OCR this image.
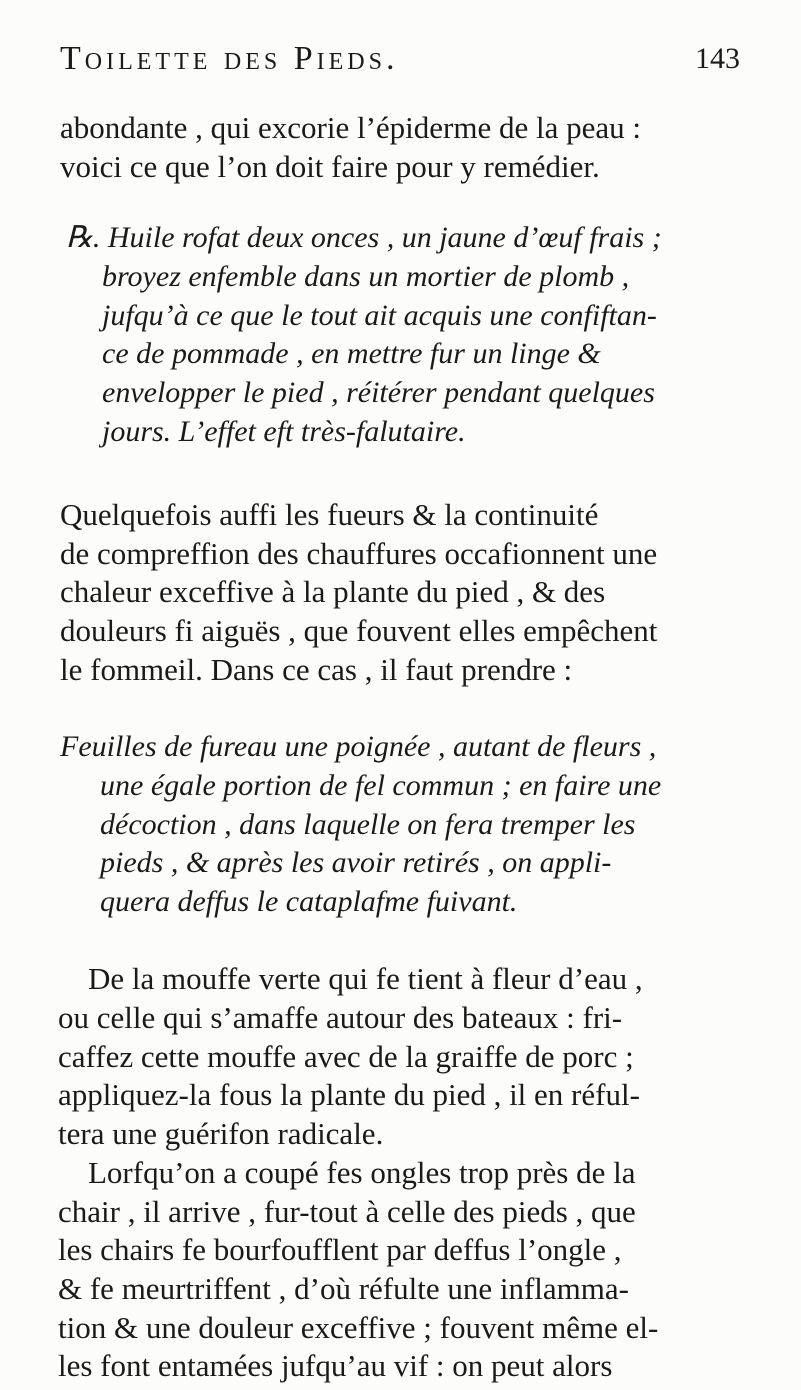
Toilette des Pieds.	143
abondante , qui excorie l’épiderme de la peau :
voici ce que l’on doit faire pour y remédier.
℞. Huile rofat deux onces , un jaune d’œuf frais ;
broyez enfemble dans un mortier de plomb ,
jufqu’à ce que le tout ait acquis une confiftan-
ce de pommade , en mettre fur un linge &
envelopper le pied , réitérer pendant quelques
jours. L’effet eft très-falutaire.
Quelquefois auffi les fueurs & la continuité
de compreffion des chauffures occafionnent une
chaleur exceffive à la plante du pied , & des
douleurs fi aiguës , que fouvent elles empêchent
le fommeil. Dans ce cas , il faut prendre :
Feuilles de fureau une poignée , autant de fleurs ,
une égale portion de fel commun ; en faire une
décoction , dans laquelle on fera tremper les
pieds , & après les avoir retirés , on appli-
quera deffus le cataplafme fuivant.
De la mouffe verte qui fe tient à fleur d’eau ,
ou celle qui s’amaffe autour des bateaux : fri-
caffez cette mouffe avec de la graiffe de porc ;
appliquez-la fous la plante du pied , il en réful-
tera une guérifon radicale.
Lorfqu’on a coupé fes ongles trop près de la
chair , il arrive , fur-tout à celle des pieds , que
les chairs fe bourfoufflent par deffus l’ongle ,
& fe meurtriffent , d’où réfulte une inflamma-
tion & une douleur exceffive ; fouvent même el-
les font entamées jufqu’au vif : on peut alors
